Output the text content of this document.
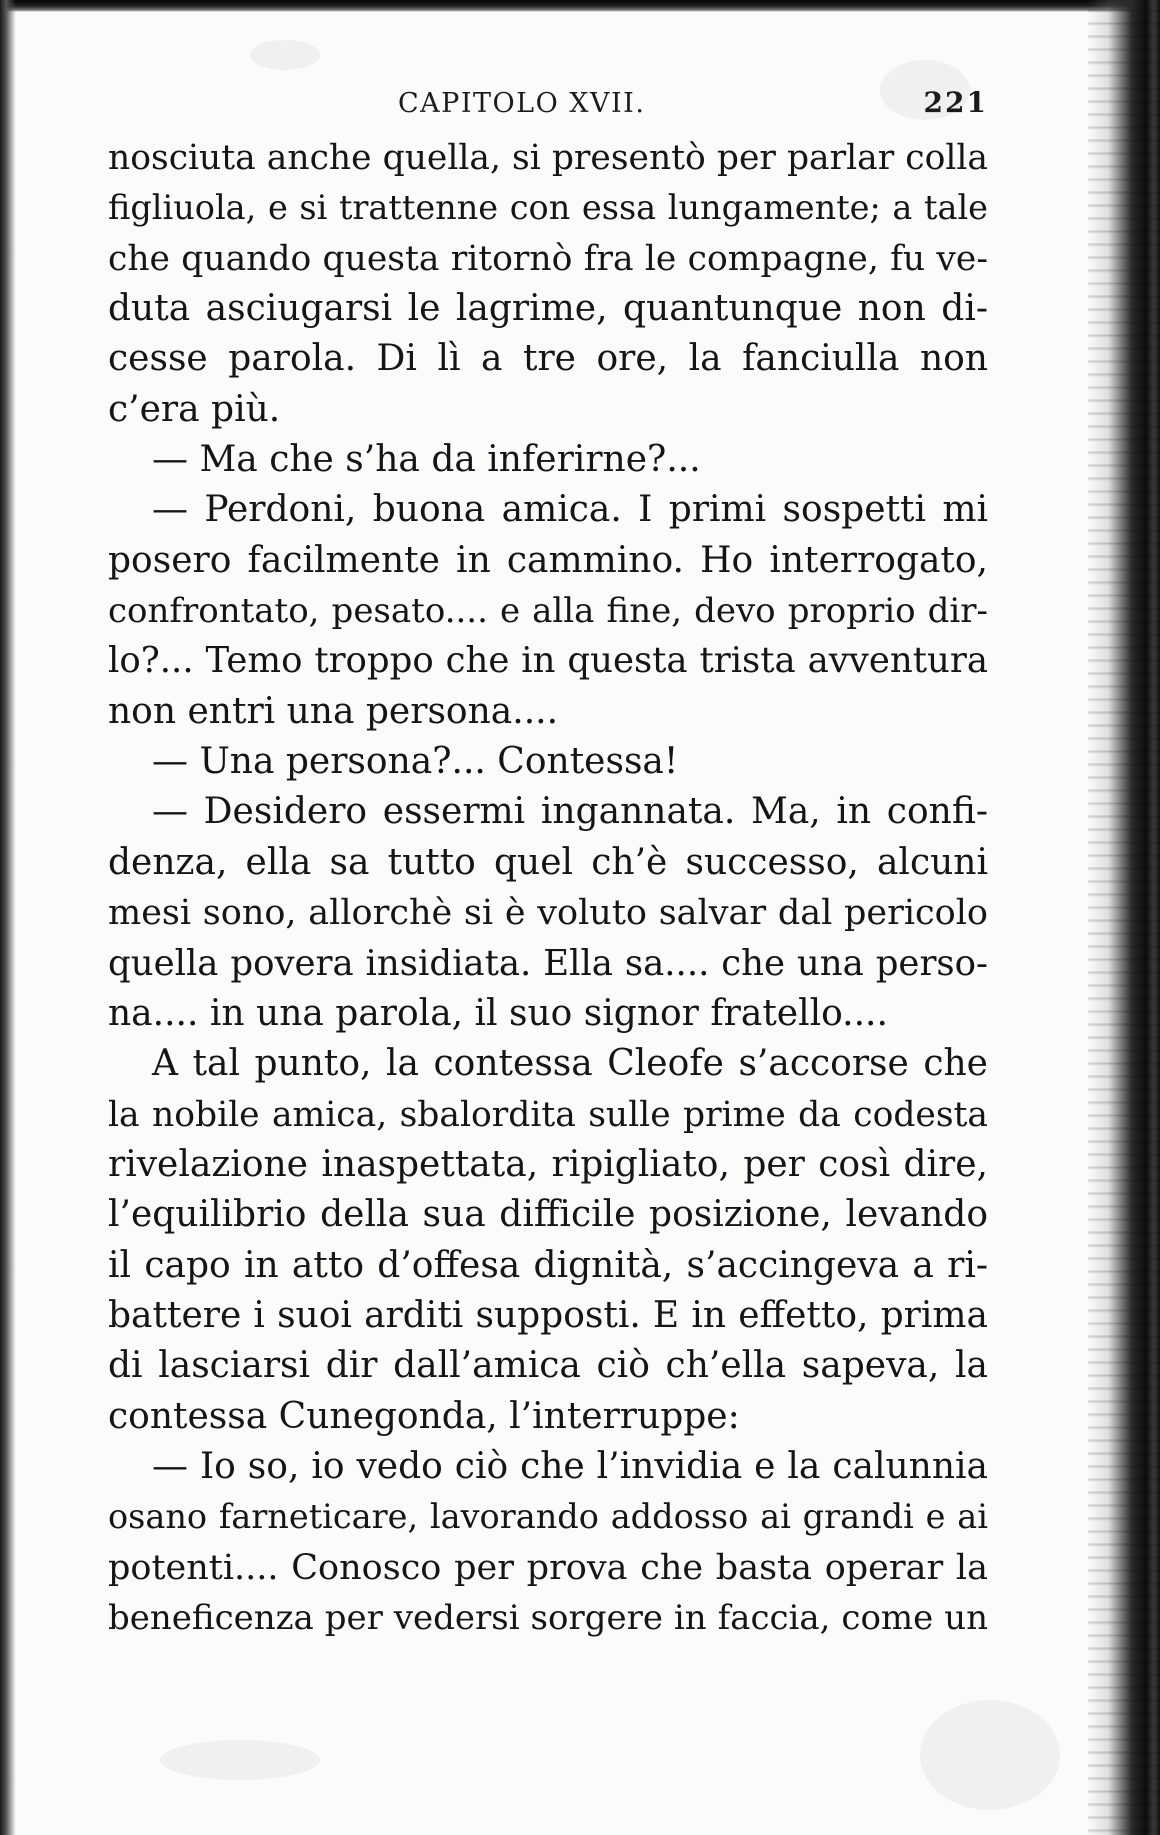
CAPITOLO XVII.	221
nosciuta anche quella, si presentò per parlar colla
figliuola, e si trattenne con essa lungamente; a tale
che quando questa ritornò fra le compagne, fu ve-
duta asciugarsi le lagrime, quantunque non di-
cesse parola. Di lì a tre ore, la fanciulla non
c’era più.
— Ma che s’ha da inferirne?...
— Perdoni, buona amica. I primi sospetti mi
posero facilmente in cammino. Ho interrogato,
confrontato, pesato.... e alla fine, devo proprio dir-
lo?... Temo troppo che in questa trista avventura
non entri una persona....
— Una persona?... Contessa!
— Desidero essermi ingannata. Ma, in confi-
denza, ella sa tutto quel ch’è successo, alcuni
mesi sono, allorchè si è voluto salvar dal pericolo
quella povera insidiata. Ella sa.... che una perso-
na.... in una parola, il suo signor fratello....
A tal punto, la contessa Cleofe s’accorse che
la nobile amica, sbalordita sulle prime da codesta
rivelazione inaspettata, ripigliato, per così dire,
l’equilibrio della sua difficile posizione, levando
il capo in atto d’offesa dignità, s’accingeva a ri-
battere i suoi arditi supposti. E in effetto, prima
di lasciarsi dir dall’amica ciò ch’ella sapeva, la
contessa Cunegonda, l’interruppe:
— Io so, io vedo ciò che l’invidia e la calunnia
osano farneticare, lavorando addosso ai grandi e ai
potenti.... Conosco per prova che basta operar la
beneficenza per vedersi sorgere in faccia, come un
